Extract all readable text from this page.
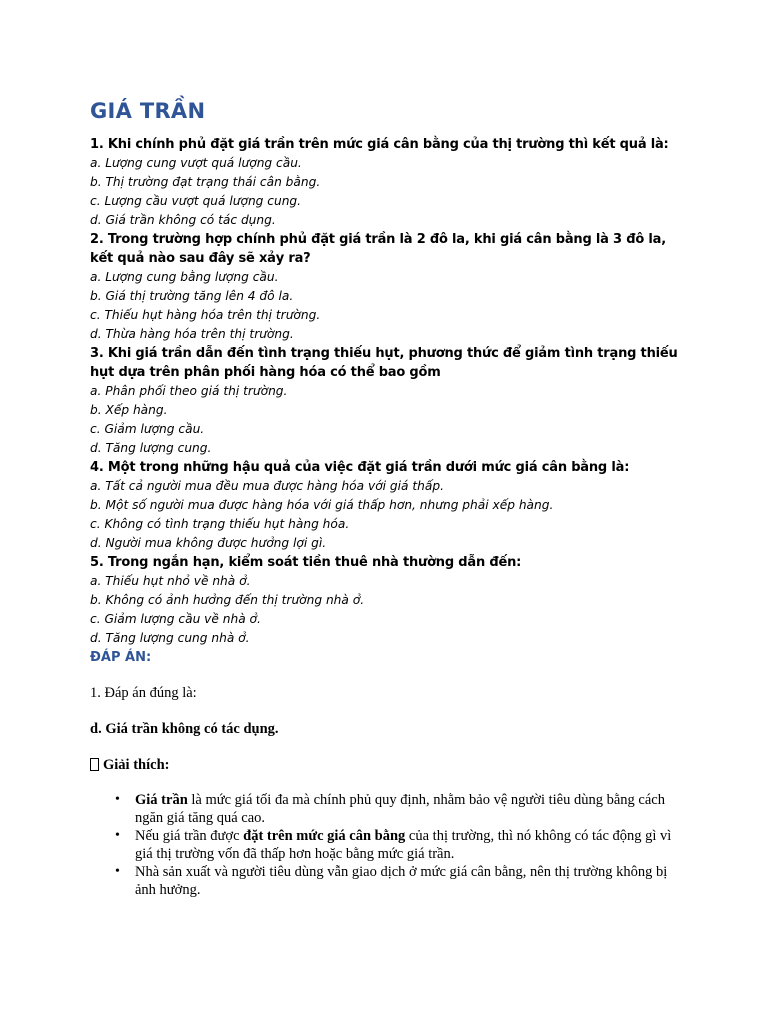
GIÁ TRẦN

1. Khi chính phủ đặt giá trần trên mức giá cân bằng của thị trường thì kết quả là:

a. Lượng cung vượt quá lượng cầu.

b. Thị trường đạt trạng thái cân bằng.

c. Lượng cầu vượt quá lượng cung.

d. Giá trần không có tác dụng.

2. Trong trường hợp chính phủ đặt giá trần là 2 đô la, khi giá cân bằng là 3 đô la, kết quả nào sau đây sẽ xảy ra?

a. Lượng cung bằng lượng cầu.

b. Giá thị trường tăng lên 4 đô la.

c. Thiếu hụt hàng hóa trên thị trường.

d. Thừa hàng hóa trên thị trường.

3. Khi giá trần dẫn đến tình trạng thiếu hụt, phương thức để giảm tình trạng thiếu hụt dựa trên phân phối hàng hóa có thể bao gồm

a. Phân phối theo giá thị trường.

b. Xếp hàng.

c. Giảm lượng cầu.

d. Tăng lượng cung.

4. Một trong những hậu quả của việc đặt giá trần dưới mức giá cân bằng là:

a. Tất cả người mua đều mua được hàng hóa với giá thấp.

b. Một số người mua được hàng hóa với giá thấp hơn, nhưng phải xếp hàng.

c. Không có tình trạng thiếu hụt hàng hóa.

d. Người mua không được hưởng lợi gì.

5. Trong ngắn hạn, kiểm soát tiền thuê nhà thường dẫn đến:

a. Thiếu hụt nhỏ về nhà ở.

b. Không có ảnh hưởng đến thị trường nhà ở.

c. Giảm lượng cầu về nhà ở.

d. Tăng lượng cung nhà ở.

ĐÁP ÁN:

1. Đáp án đúng là:

d. Giá trần không có tác dụng.

Giải thích:

• Giá trần là mức giá tối đa mà chính phủ quy định, nhằm bảo vệ người tiêu dùng bằng cách ngăn giá tăng quá cao.
• Nếu giá trần được đặt trên mức giá cân bằng của thị trường, thì nó không có tác động gì vì giá thị trường vốn đã thấp hơn hoặc bằng mức giá trần.
• Nhà sản xuất và người tiêu dùng vẫn giao dịch ở mức giá cân bằng, nên thị trường không bị ảnh hưởng.
